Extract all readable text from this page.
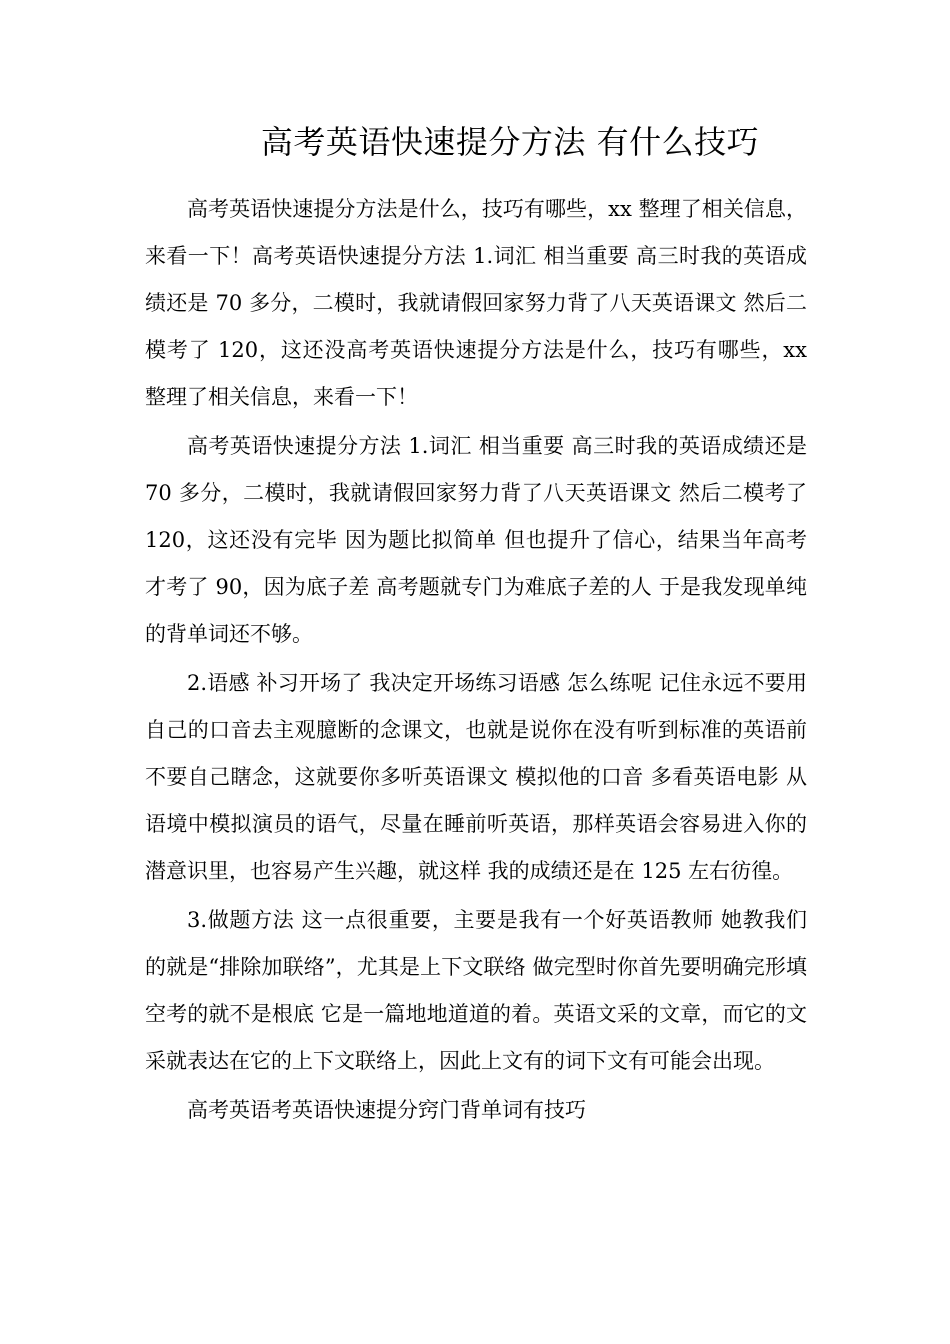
高考英语快速提分方法 有什么技巧

高考英语快速提分方法是什么，技巧有哪些，xx 整理了相关信息，来看一下！高考英语快速提分方法 1.词汇 相当重要 高三时我的英语成绩还是 70 多分，二模时，我就请假回家努力背了八天英语课文 然后二模考了 120，这还没高考英语快速提分方法是什么，技巧有哪些，xx 整理了相关信息，来看一下！

高考英语快速提分方法 1.词汇 相当重要 高三时我的英语成绩还是 70 多分，二模时，我就请假回家努力背了八天英语课文 然后二模考了 120，这还没有完毕 因为题比拟简单 但也提升了信心，结果当年高考才考了 90，因为底子差 高考题就专门为难底子差的人 于是我发现单纯的背单词还不够。

2.语感 补习开场了 我决定开场练习语感 怎么练呢 记住永远不要用自己的口音去主观臆断的念课文，也就是说你在没有听到标准的英语前不要自己瞎念，这就要你多听英语课文 模拟他的口音 多看英语电影 从语境中模拟演员的语气，尽量在睡前听英语，那样英语会容易进入你的潜意识里，也容易产生兴趣，就这样 我的成绩还是在 125 左右彷徨。

3.做题方法 这一点很重要，主要是我有一个好英语教师 她教我们的就是“排除加联络”，尤其是上下文联络 做完型时你首先要明确完形填空考的就不是根底 它是一篇地地道道的着。英语文采的文章，而它的文采就表达在它的上下文联络上，因此上文有的词下文有可能会出现。

高考英语考英语快速提分窍门背单词有技巧
